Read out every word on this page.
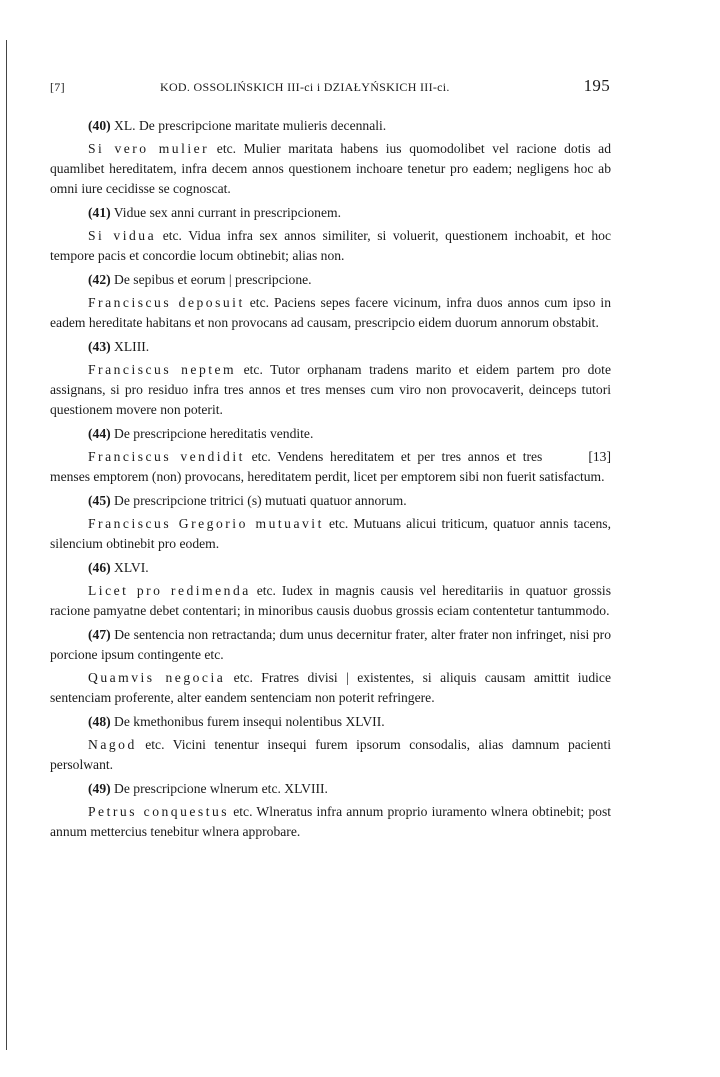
[7]	KOD. OSSOLIŃSKICH III-ci i DZIAŁYŃSKICH III-ci.	195
(40) XL. De prescripcione maritate mulieris decennali.
Si vero mulier etc. Mulier maritata habens ius quomodolibet vel racione dotis ad quamlibet hereditatem, infra decem annos questionem inchoare tenetur pro eadem; negligens hoc ab omni iure cecidisse se cognoscat.
(41) Vidue sex anni currant in prescripcionem.
Si vidua etc. Vidua infra sex annos similiter, si voluerit, questionem inchoabit, et hoc tempore pacis et concordie locum obtinebit; alias non.
(42) De sepibus et eorum | prescripcione.
Franciscus deposuit etc. Paciens sepes facere vicinum, infra duos annos cum ipso in eadem hereditate habitans et non provocans ad causam, prescripcio eidem duorum annorum obstabit.
(43) XLIII.
Franciscus neptem etc. Tutor orphanam tradens marito et eidem partem pro dote assignans, si pro residuo infra tres annos et tres menses cum viro non provocaverit, deinceps tutori questionem movere non poterit.
(44) De prescripcione hereditatis vendite.
[13]
Franciscus vendidit etc. Vendens hereditatem et per tres annos et tres menses emptorem (non) provocans, hereditatem perdit, licet per emptorem sibi non fuerit satisfactum.
(45) De prescripcione tritrici (s) mutuati quatuor annorum.
Franciscus Gregorio mutuavit etc. Mutuans alicui triticum, quatuor annis tacens, silencium obtinebit pro eodem.
(46) XLVI.
Licet pro redimenda etc. Iudex in magnis causis vel hereditariis in quatuor grossis racione pamyatne debet contentari; in minoribus causis duobus grossis eciam contentetur tantummodo.
(47) De sentencia non retractanda; dum unus decernitur frater, alter frater non infringet, nisi pro porcione ipsum contingente etc.
Quamvis negocia etc. Fratres divisi | existentes, si aliquis causam amittit iudice sentenciam proferente, alter eandem sentenciam non poterit refringere.
(48) De kmethonibus furem insequi nolentibus XLVII.
Nagod etc. Vicini tenentur insequi furem ipsorum consodalis, alias damnum pacienti persolwant.
(49) De prescripcione wlnerum etc. XLVIII.
Petrus conquestus etc. Wlneratus infra annum proprio iuramento wlnera obtinebit; post annum mettercius tenebitur wlnera approbare.
